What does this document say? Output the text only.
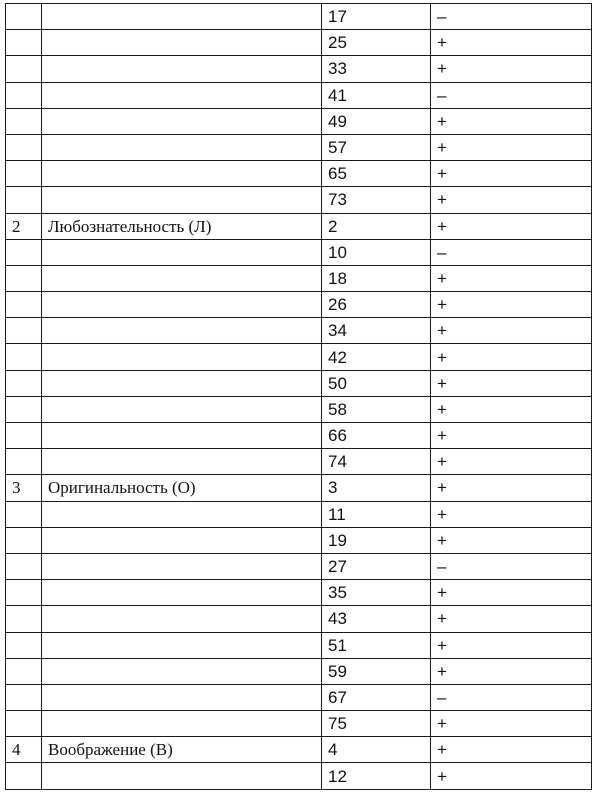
		17	–
		25	+
		33	+
		41	–
		49	+
		57	+
		65	+
		73	+
2	Любознательность (Л)	2	+
		10	–
		18	+
		26	+
		34	+
		42	+
		50	+
		58	+
		66	+
		74	+
3	Оригинальность (О)	3	+
		11	+
		19	+
		27	–
		35	+
		43	+
		51	+
		59	+
		67	–
		75	+
4	Воображение (В)	4	+
		12	+
